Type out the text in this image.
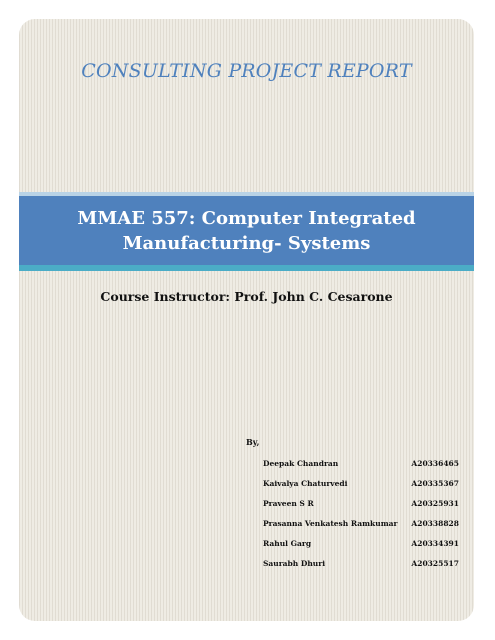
CONSULTING PROJECT REPORT
MMAE 557: Computer Integrated
Manufacturing- Systems
Course Instructor: Prof. John C. Cesarone
By,
Deepak Chandran	A20336465
Kaivalya Chaturvedi	A20335367
Praveen S R	A20325931
Prasanna Venkatesh Ramkumar A20338828
Rahul Garg	A20334391
Saurabh Dhuri	A20325517
